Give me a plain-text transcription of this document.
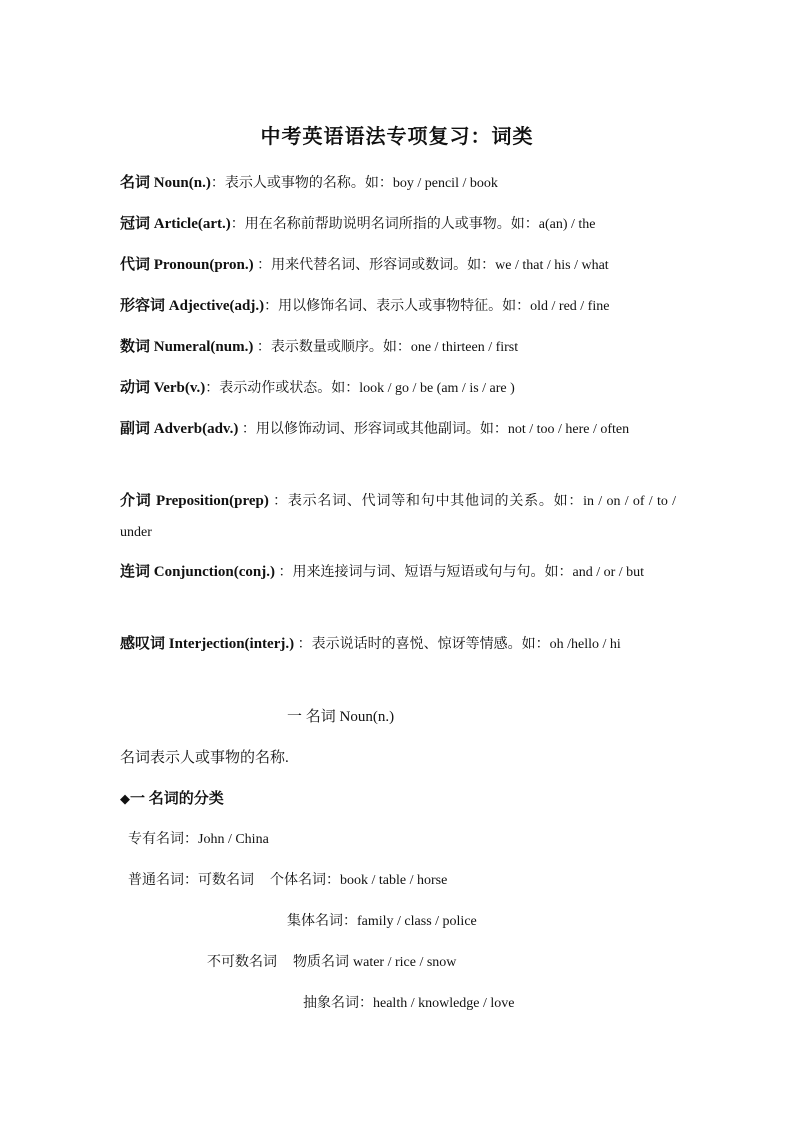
中考英语语法专项复习：词类
名词 Noun(n.)：表示人或事物的名称。如：boy / pencil / book
冠词 Article(art.)：用在名称前帮助说明名词所指的人或事物。如：a(an) / the
代词 Pronoun(pron.) ：用来代替名词、形容词或数词。如：we / that / his / what
形容词 Adjective(adj.)：用以修饰名词、表示人或事物特征。如：old / red / fine
数词 Numeral(num.) ：表示数量或顺序。如：one / thirteen / first
动词 Verb(v.)：表示动作或状态。如：look / go / be (am / is / are )
副词 Adverb(adv.) ：用以修饰动词、形容词或其他副词。如：not / too / here / often
介词 Preposition(prep) ：表示名词、代词等和句中其他词的关系。如：in / on / of / to / under
连词 Conjunction(conj.) ：用来连接词与词、短语与短语或句与句。如：and / or / but
感叹词 Interjection(interj.) ：表示说话时的喜悦、惊讶等情感。如：oh /hello / hi
一 名词 Noun(n.)
名词表示人或事物的名称.
◆一 名词的分类
专有名词：John / China
普通名词：可数名词 个体名词：book / table / horse
集体名词：family / class / police
不可数名词 物质名词 water / rice / snow
抽象名词：health / knowledge / love
